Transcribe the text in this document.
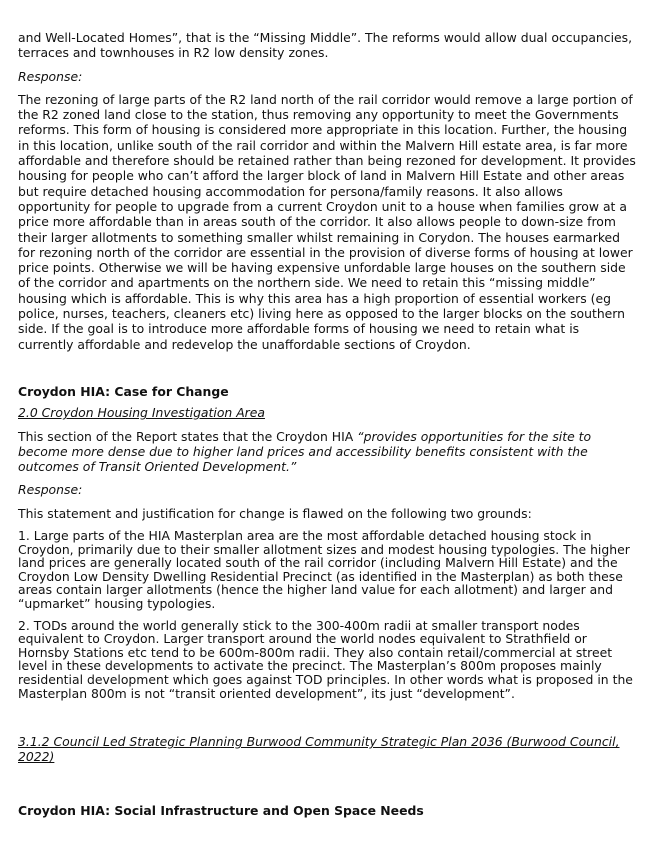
and Well-Located Homes”, that is the “Missing Middle”. The reforms would allow dual occupancies, terraces and townhouses in R2 low density zones.

Response:

The rezoning of large parts of the R2 land north of the rail corridor would remove a large portion of the R2 zoned land close to the station, thus removing any opportunity to meet the Governments reforms. This form of housing is considered more appropriate in this location. Further, the housing in this location, unlike south of the rail corridor and within the Malvern Hill estate area, is far more affordable and therefore should be retained rather than being rezoned for development. It provides housing for people who can’t afford the larger block of land in Malvern Hill Estate and other areas but require detached housing accommodation for persona/family reasons. It also allows opportunity for people to upgrade from a current Croydon unit to a house when families grow at a price more affordable than in areas south of the corridor. It also allows people to down-size from their larger allotments to something smaller whilst remaining in Corydon. The houses earmarked for rezoning north of the corridor are essential in the provision of diverse forms of housing at lower price points. Otherwise we will be having expensive unfordable large houses on the southern side of the corridor and apartments on the northern side. We need to retain this “missing middle” housing which is affordable. This is why this area has a high proportion of essential workers (eg police, nurses, teachers, cleaners etc) living here as opposed to the larger blocks on the southern side. If the goal is to introduce more affordable forms of housing we need to retain what is currently affordable and redevelop the unaffordable sections of Croydon.

Croydon HIA: Case for Change

2.0 Croydon Housing Investigation Area

This section of the Report states that the Croydon HIA “provides opportunities for the site to become more dense due to higher land prices and accessibility benefits consistent with the outcomes of Transit Oriented Development.”

Response:

This statement and justification for change is flawed on the following two grounds:

1. Large parts of the HIA Masterplan area are the most affordable detached housing stock in Croydon, primarily due to their smaller allotment sizes and modest housing typologies. The higher land prices are generally located south of the rail corridor (including Malvern Hill Estate) and the Croydon Low Density Dwelling Residential Precinct (as identified in the Masterplan) as both these areas contain larger allotments (hence the higher land value for each allotment) and larger and “upmarket” housing typologies.

2. TODs around the world generally stick to the 300-400m radii at smaller transport nodes equivalent to Croydon. Larger transport around the world nodes equivalent to Strathfield or Hornsby Stations etc tend to be 600m-800m radii. They also contain retail/commercial at street level in these developments to activate the precinct. The Masterplan’s 800m proposes mainly residential development which goes against TOD principles. In other words what is proposed in the Masterplan 800m is not “transit oriented development”, its just “development”.

3.1.2 Council Led Strategic Planning Burwood Community Strategic Plan 2036 (Burwood Council, 2022)

Croydon HIA: Social Infrastructure and Open Space Needs
